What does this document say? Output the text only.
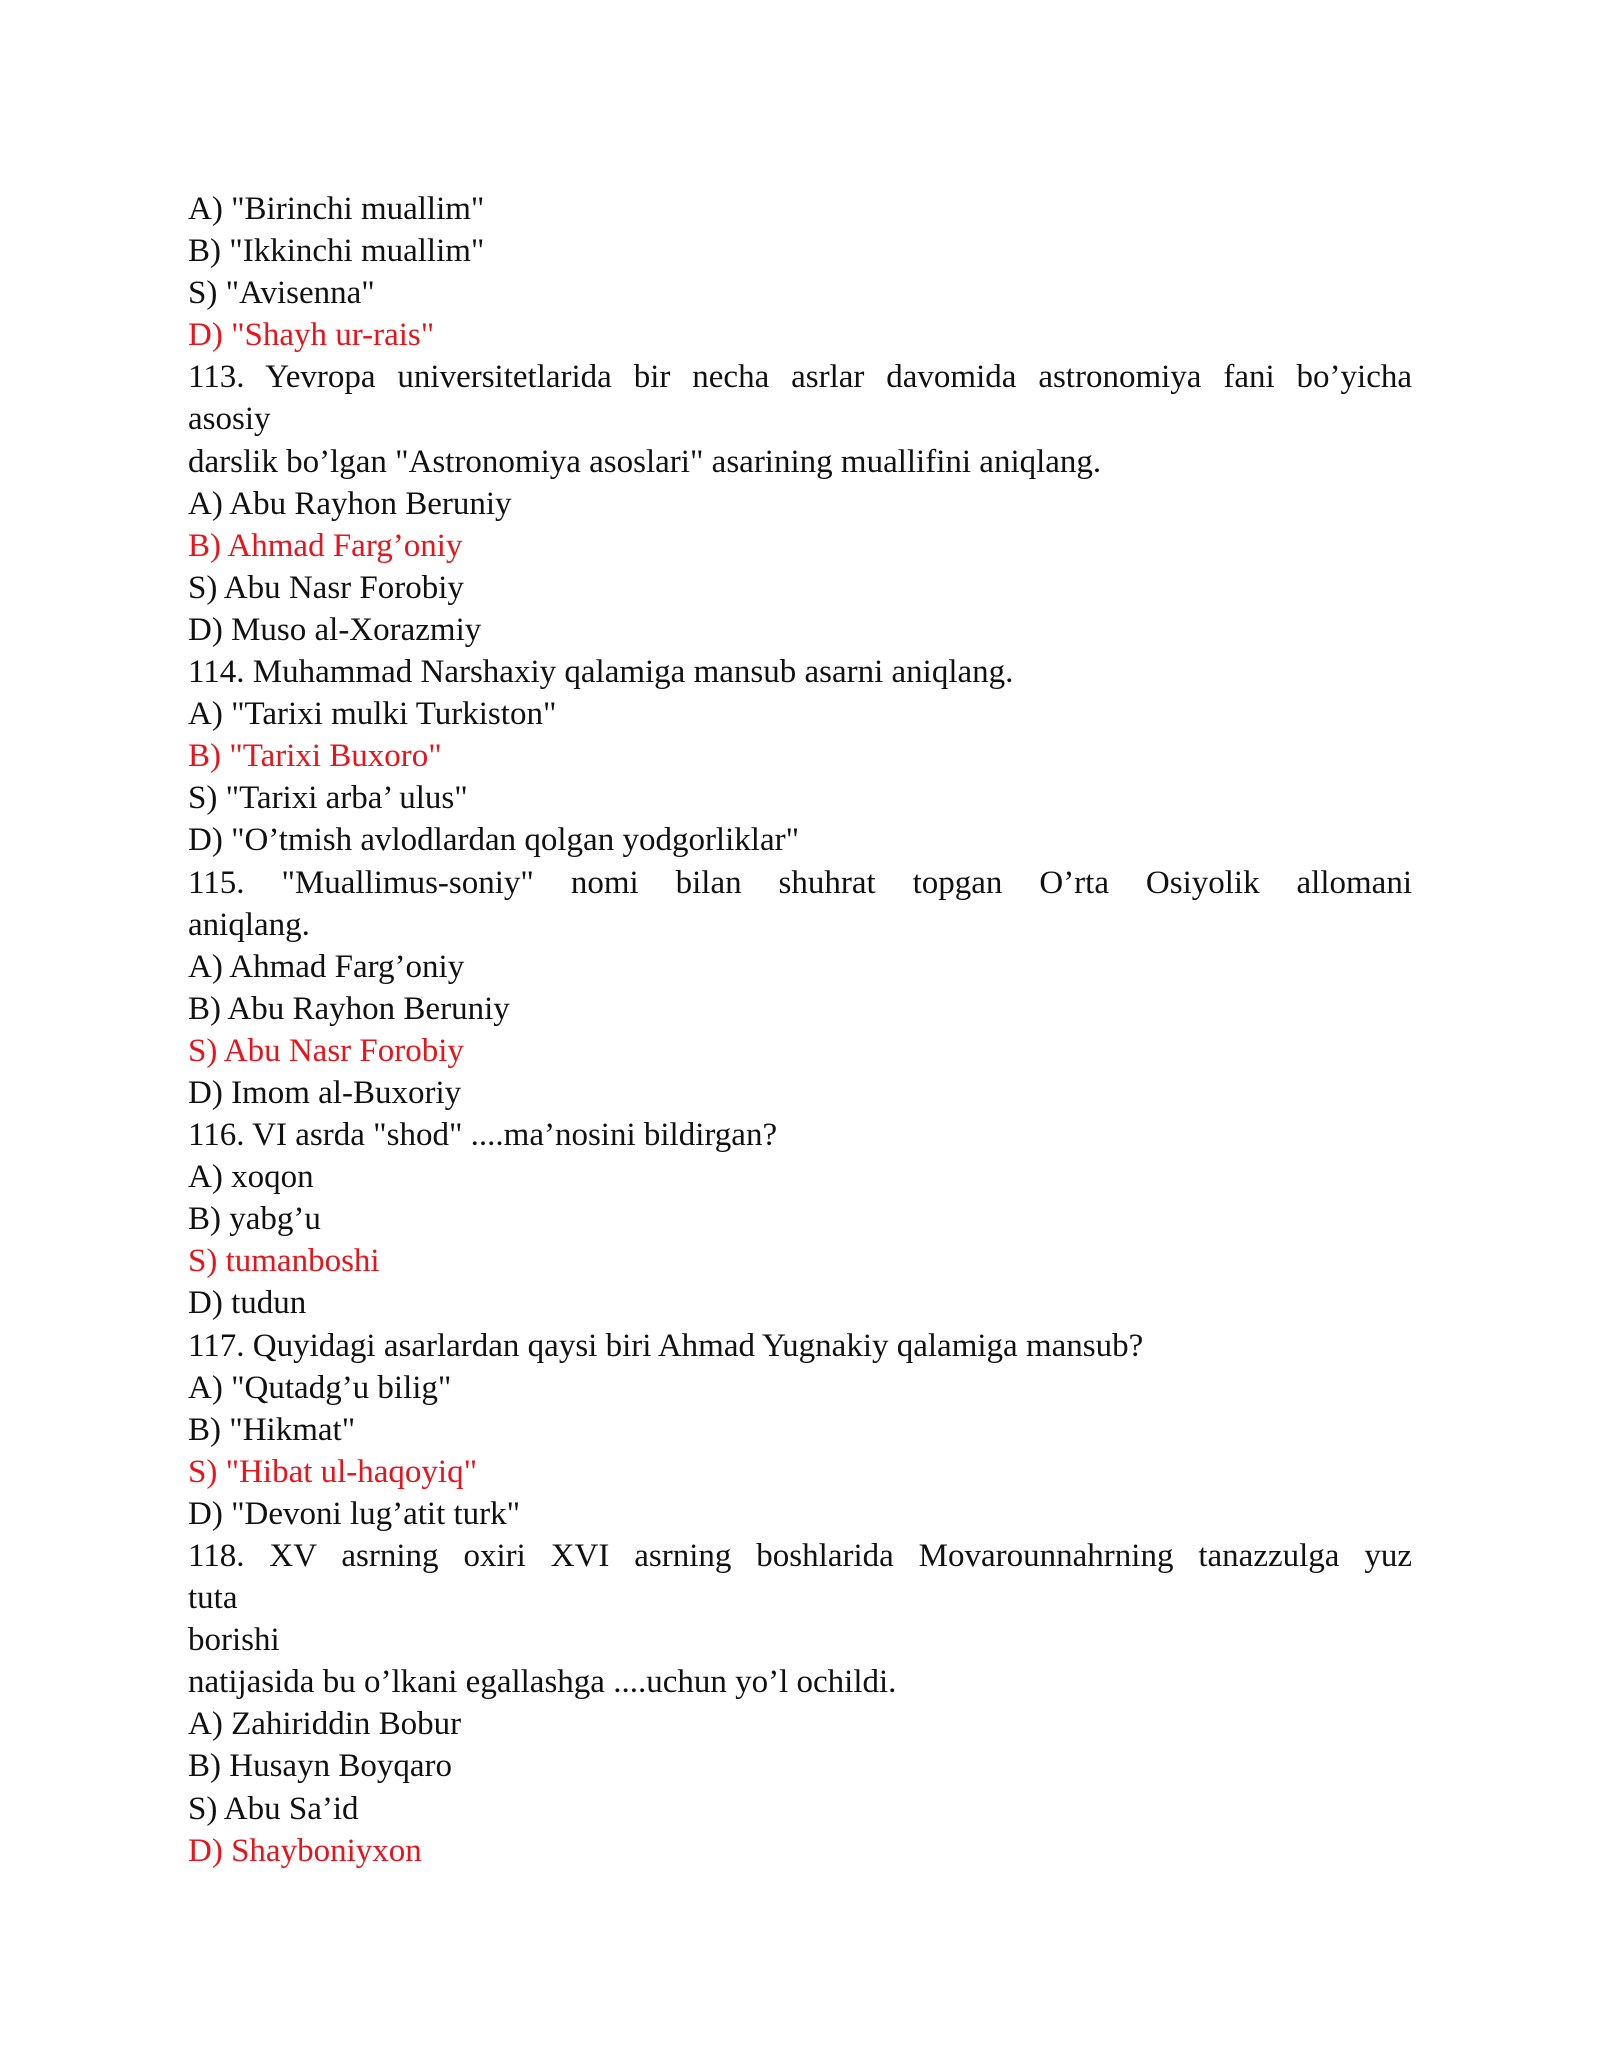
A) "Birinchi muallim"
B) "Ikkinchi muallim"
S) "Avisenna"
D) "Shayh ur-rais"
113. Yevropa universitetlarida bir necha asrlar davomida astronomiya fani bo’yicha
asosiy
darslik bo’lgan "Astronomiya asoslari" asarining muallifini aniqlang.
A) Abu Rayhon Beruniy
B) Ahmad Farg’oniy
S) Abu Nasr Forobiy
D) Muso al-Xorazmiy
114. Muhammad Narshaxiy qalamiga mansub asarni aniqlang.
A) "Tarixi mulki Turkiston"
B) "Tarixi Buxoro"
S) "Tarixi arba’ ulus"
D) "O’tmish avlodlardan qolgan yodgorliklar"
115. "Muallimus-soniy" nomi bilan shuhrat topgan O’rta Osiyolik allomani
aniqlang.
A) Ahmad Farg’oniy
B) Abu Rayhon Beruniy
S) Abu Nasr Forobiy
D) Imom al-Buxoriy
116. VI asrda "shod" ....ma’nosini bildirgan?
A) xoqon
B) yabg’u
S) tumanboshi
D) tudun
117. Quyidagi asarlardan qaysi biri Ahmad Yugnakiy qalamiga mansub?
A) "Qutadg’u bilig"
B) "Hikmat"
S) "Hibat ul-haqoyiq"
D) "Devoni lug’atit turk"
118. XV asrning oxiri XVI asrning boshlarida Movarounnahrning tanazzulga yuz
tuta
borishi
natijasida bu o’lkani egallashga ....uchun yo’l ochildi.
A) Zahiriddin Bobur
B) Husayn Boyqaro
S) Abu Sa’id
D) Shayboniyxon
